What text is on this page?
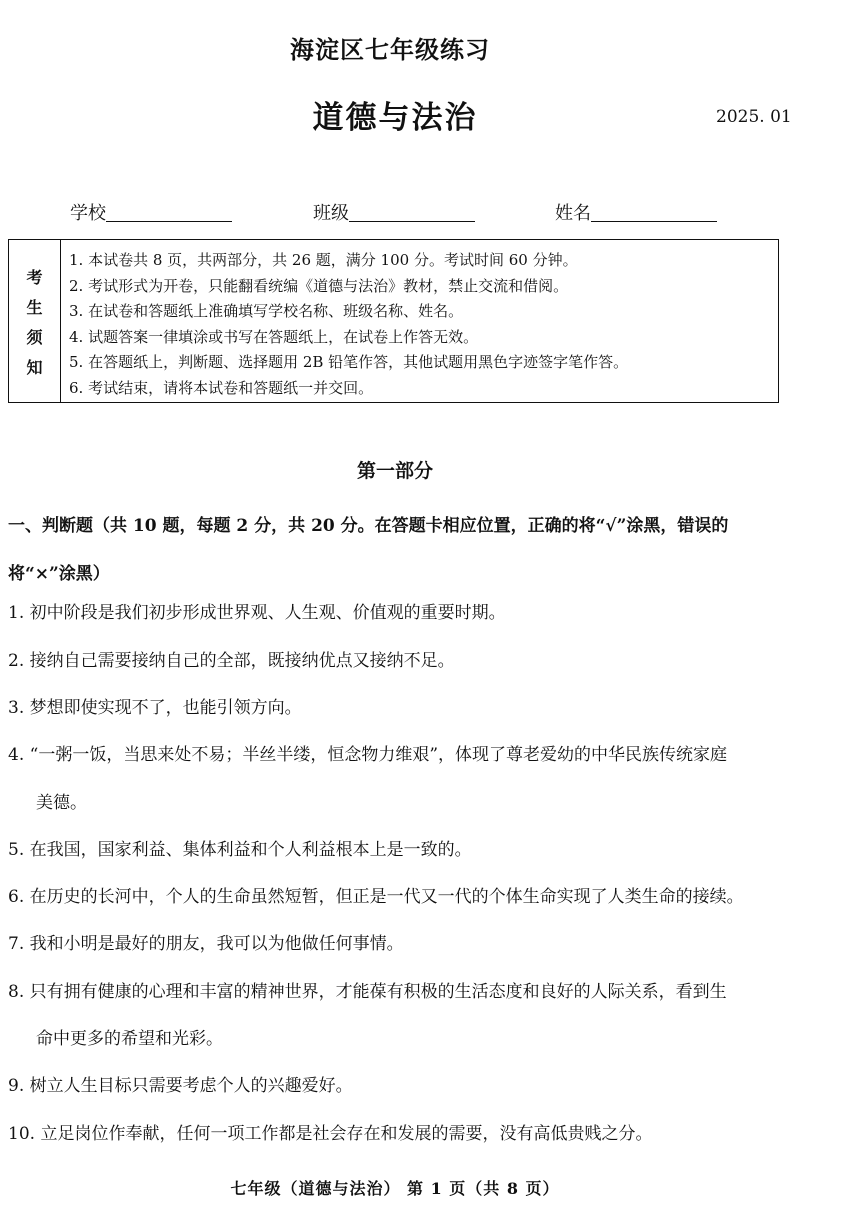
海淀区七年级练习
道德与法治	2025. 01
学校	班级	姓名
考
生
须
知
1. 本试卷共 8 页，共两部分，共 26 题，满分 100 分。考试时间 60 分钟。
2. 考试形式为开卷，只能翻看统编《道德与法治》教材，禁止交流和借阅。
3. 在试卷和答题纸上准确填写学校名称、班级名称、姓名。
4. 试题答案一律填涂或书写在答题纸上，在试卷上作答无效。
5. 在答题纸上，判断题、选择题用 2B 铅笔作答，其他试题用黑色字迹签字笔作答。
6. 考试结束，请将本试卷和答题纸一并交回。
第一部分
一、判断题（共 10 题，每题 2 分，共 20 分。在答题卡相应位置，正确的将“√”涂黑，错误的将“×”涂黑）
1. 初中阶段是我们初步形成世界观、人生观、价值观的重要时期。
2. 接纳自己需要接纳自己的全部，既接纳优点又接纳不足。
3. 梦想即使实现不了，也能引领方向。
4. “一粥一饭，当思来处不易；半丝半缕，恒念物力维艰”，体现了尊老爱幼的中华民族传统家庭
美德。
5. 在我国，国家利益、集体利益和个人利益根本上是一致的。
6. 在历史的长河中，个人的生命虽然短暂，但正是一代又一代的个体生命实现了人类生命的接续。
7. 我和小明是最好的朋友，我可以为他做任何事情。
8. 只有拥有健康的心理和丰富的精神世界，才能葆有积极的生活态度和良好的人际关系，看到生
命中更多的希望和光彩。
9. 树立人生目标只需要考虑个人的兴趣爱好。
10. 立足岗位作奉献，任何一项工作都是社会存在和发展的需要，没有高低贵贱之分。
七年级（道德与法治） 第 1 页（共 8 页）
